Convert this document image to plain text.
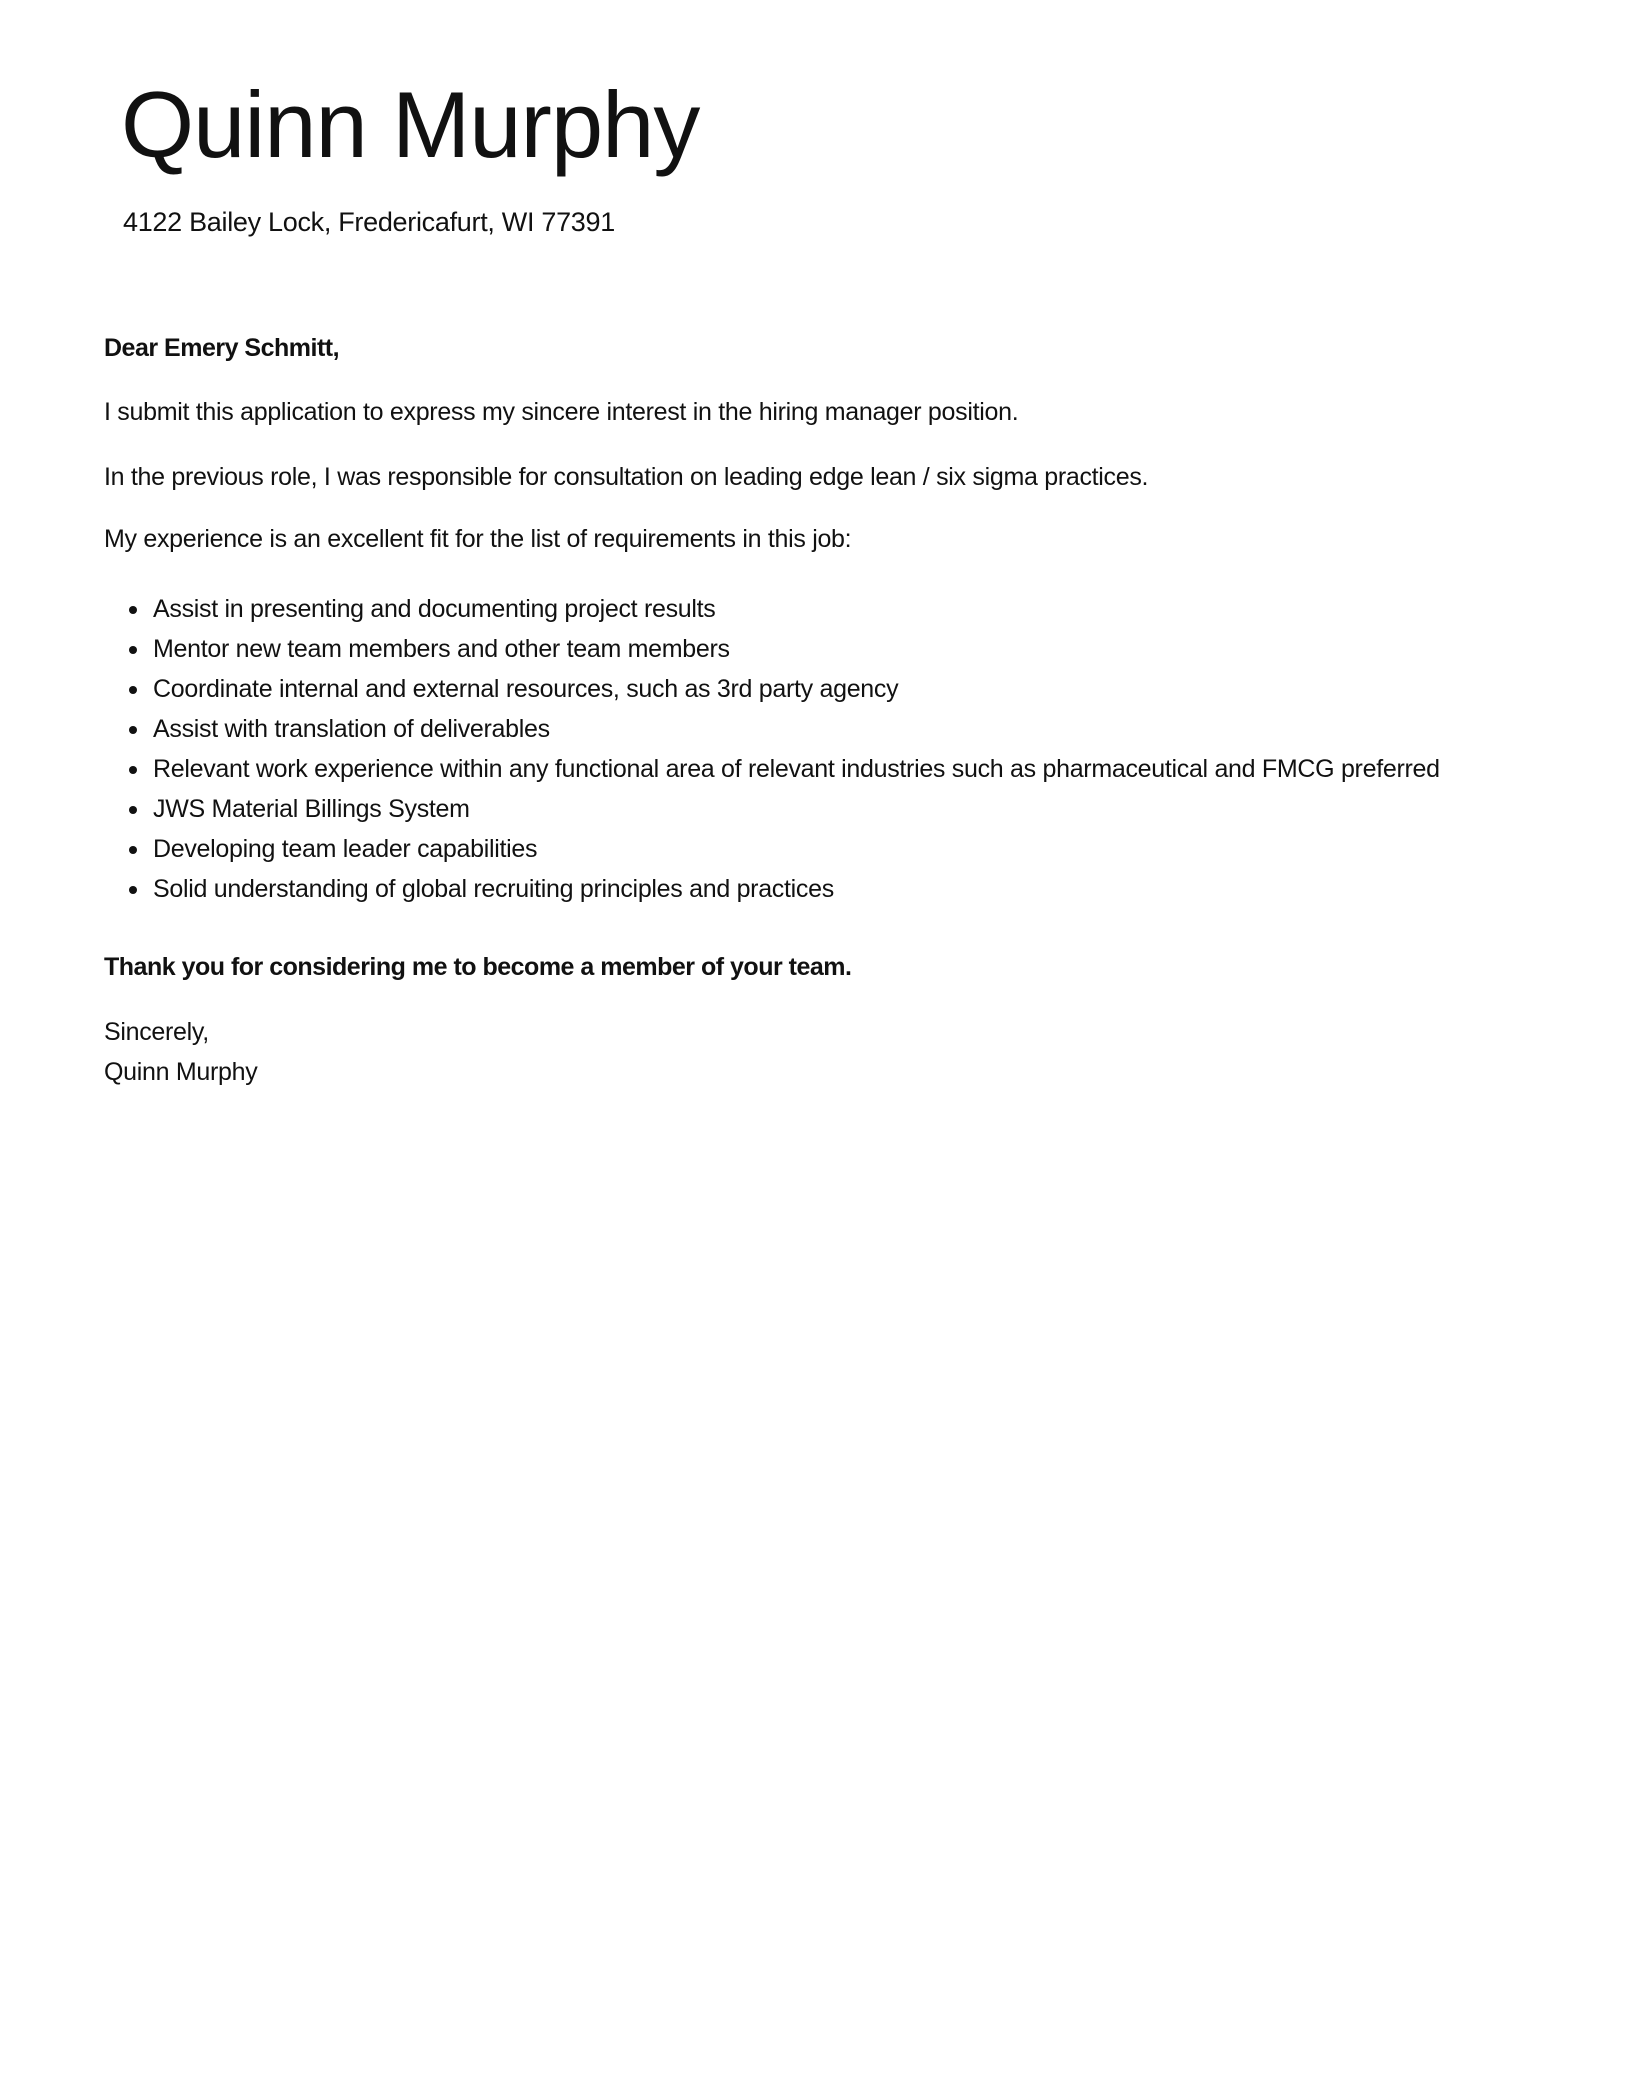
Quinn Murphy
4122 Bailey Lock, Fredericafurt, WI 77391
Dear Emery Schmitt,
I submit this application to express my sincere interest in the hiring manager position.
In the previous role, I was responsible for consultation on leading edge lean / six sigma practices.
My experience is an excellent fit for the list of requirements in this job:
Assist in presenting and documenting project results
Mentor new team members and other team members
Coordinate internal and external resources, such as 3rd party agency
Assist with translation of deliverables
Relevant work experience within any functional area of relevant industries such as pharmaceutical and FMCG preferred
JWS Material Billings System
Developing team leader capabilities
Solid understanding of global recruiting principles and practices
Thank you for considering me to become a member of your team.
Sincerely,
Quinn Murphy
